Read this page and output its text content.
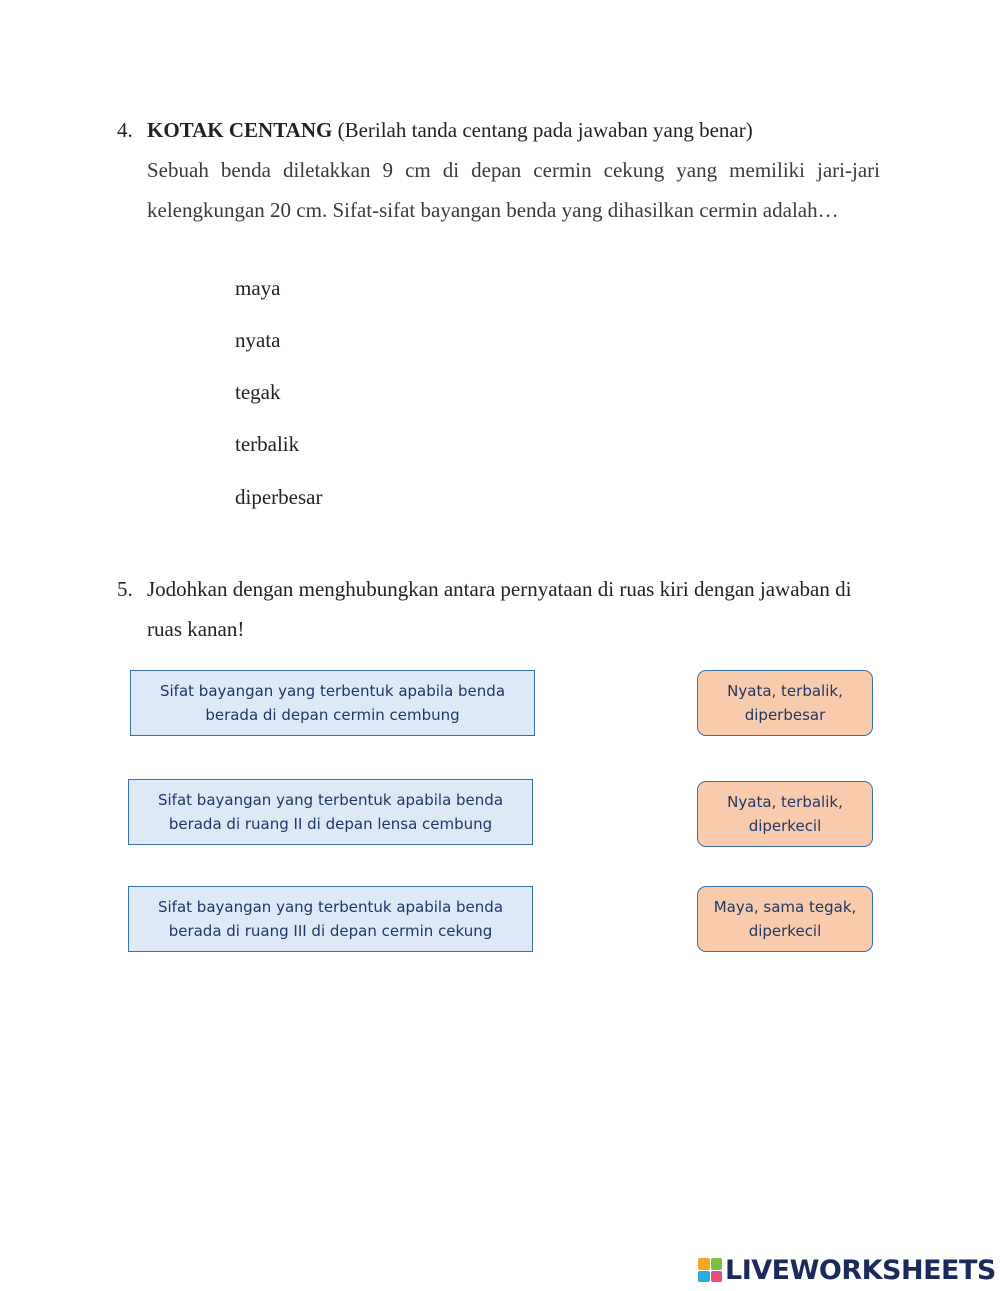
4. KOTAK CENTANG (Berilah tanda centang pada jawaban yang benar)
Sebuah benda diletakkan 9 cm di depan cermin cekung yang memiliki jari-jari kelengkungan 20 cm. Sifat-sifat bayangan benda yang dihasilkan cermin adalah…
maya
nyata
tegak
terbalik
diperbesar
5. Jodohkan dengan menghubungkan antara pernyataan di ruas kiri dengan jawaban di ruas kanan!
Sifat bayangan yang terbentuk apabila benda berada di depan cermin cembung
Sifat bayangan yang terbentuk apabila benda berada di ruang II di depan lensa cembung
Sifat bayangan yang terbentuk apabila benda berada di ruang III di depan cermin cekung
Nyata, terbalik, diperbesar
Nyata, terbalik, diperkecil
Maya, sama tegak, diperkecil
LIVEWORKSHEETS
